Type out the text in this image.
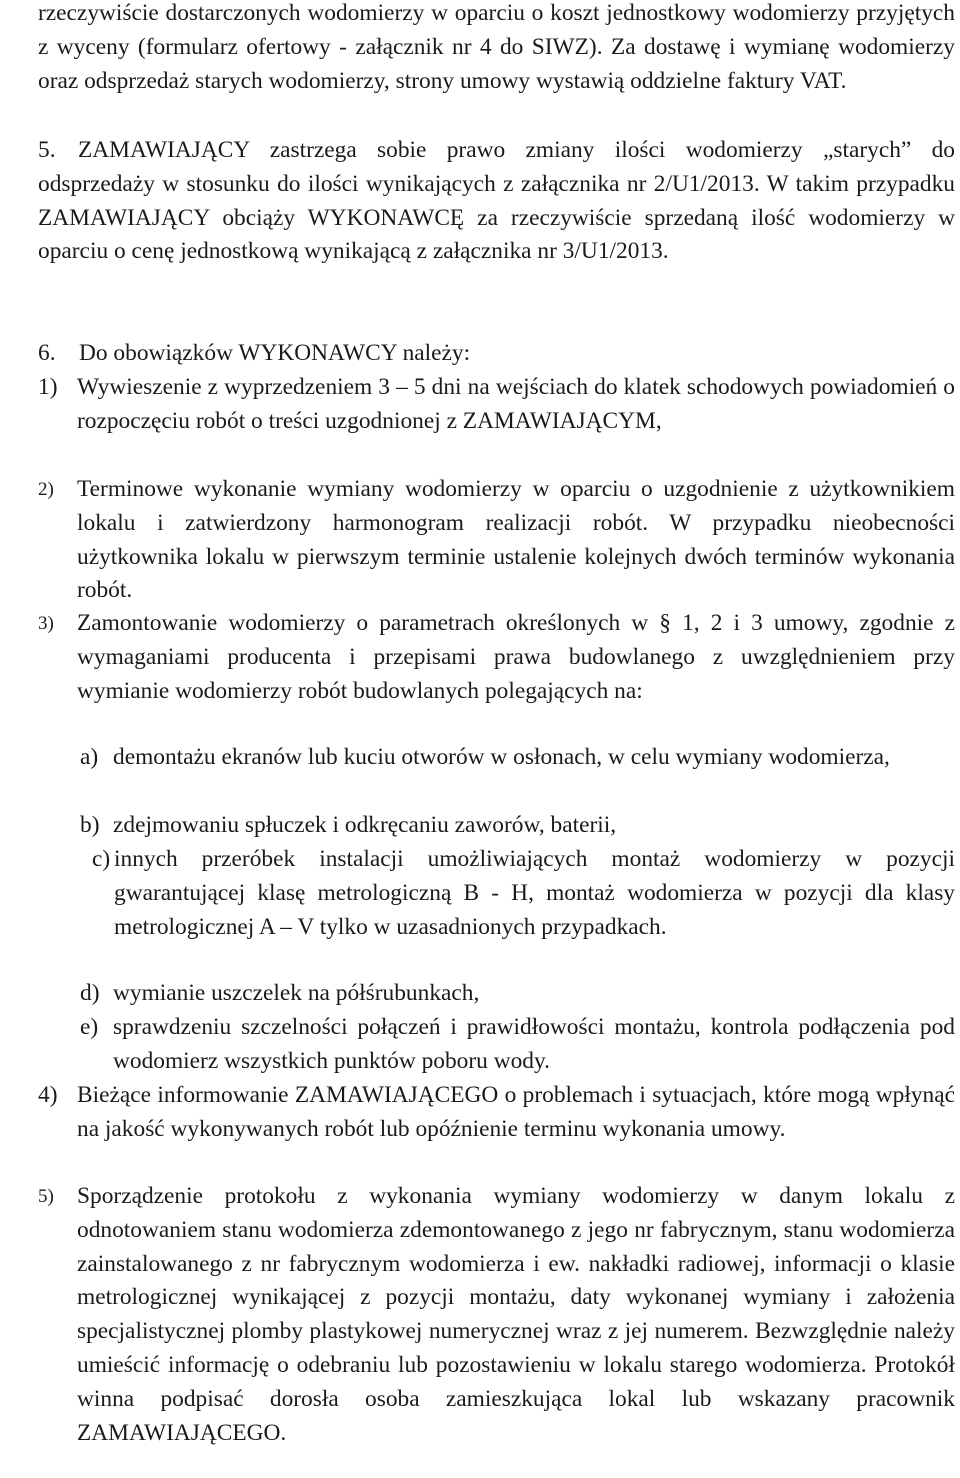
rzeczywiście dostarczonych wodomierzy w oparciu o koszt jednostkowy wodomierzy przyjętych z wyceny (formularz ofertowy - załącznik nr 4 do SIWZ). Za dostawę i wymianę wodomierzy oraz odsprzedaż starych wodomierzy, strony umowy wystawią oddzielne faktury VAT.

5. ZAMAWIAJĄCY zastrzega sobie prawo zmiany ilości wodomierzy „starych” do odsprzedaży w stosunku do ilości wynikających z załącznika nr 2/U1/2013. W takim przypadku ZAMAWIAJĄCY obciąży WYKONAWCĘ za rzeczywiście sprzedaną ilość wodomierzy w oparciu o cenę jednostkową wynikającą z załącznika nr 3/U1/2013.
6.	Do obowiązków WYKONAWCY należy:
1) Wywieszenie z wyprzedzeniem 3 – 5 dni na wejściach do klatek schodowych powiadomień o rozpoczęciu robót o treści uzgodnionej z ZAMAWIAJĄCYM,
2) Terminowe wykonanie wymiany wodomierzy w oparciu o uzgodnienie z użytkownikiem lokalu i zatwierdzony harmonogram realizacji robót. W przypadku nieobecności użytkownika lokalu w pierwszym terminie ustalenie kolejnych dwóch terminów wykonania robót.
3) Zamontowanie wodomierzy o parametrach określonych w § 1, 2 i 3 umowy, zgodnie z wymaganiami producenta i przepisami prawa budowlanego z uwzględnieniem przy wymianie wodomierzy robót budowlanych polegających na:
a) demontażu ekranów lub kuciu otworów w osłonach, w celu wymiany wodomierza,
b) zdejmowaniu spłuczek i odkręcaniu zaworów, baterii,
c) innych przeróbek instalacji umożliwiających montaż wodomierzy w pozycji gwarantującej klasę metrologiczną B - H, montaż wodomierza w pozycji dla klasy metrologicznej A – V tylko w uzasadnionych przypadkach.
d) wymianie uszczelek na półśrubunkach,
e) sprawdzeniu szczelności połączeń i prawidłowości montażu, kontrola podłączenia pod wodomierz wszystkich punktów poboru wody.
4) Bieżące informowanie ZAMAWIAJĄCEGO o problemach i sytuacjach, które mogą wpłynąć na jakość wykonywanych robót lub opóźnienie terminu wykonania umowy.
5) Sporządzenie protokołu z wykonania wymiany wodomierzy w danym lokalu z odnotowaniem stanu wodomierza zdemontowanego z jego nr fabrycznym, stanu wodomierza zainstalowanego z nr fabrycznym wodomierza i ew. nakładki radiowej, informacji o klasie metrologicznej wynikającej z pozycji montażu, daty wykonanej wymiany i założenia specjalistycznej plomby plastykowej numerycznej wraz z jej numerem. Bezwzględnie należy umieścić informację o odebraniu lub pozostawieniu w lokalu starego wodomierza. Protokół winna podpisać dorosła osoba zamieszkująca lokal lub wskazany pracownik ZAMAWIAJĄCEGO.
